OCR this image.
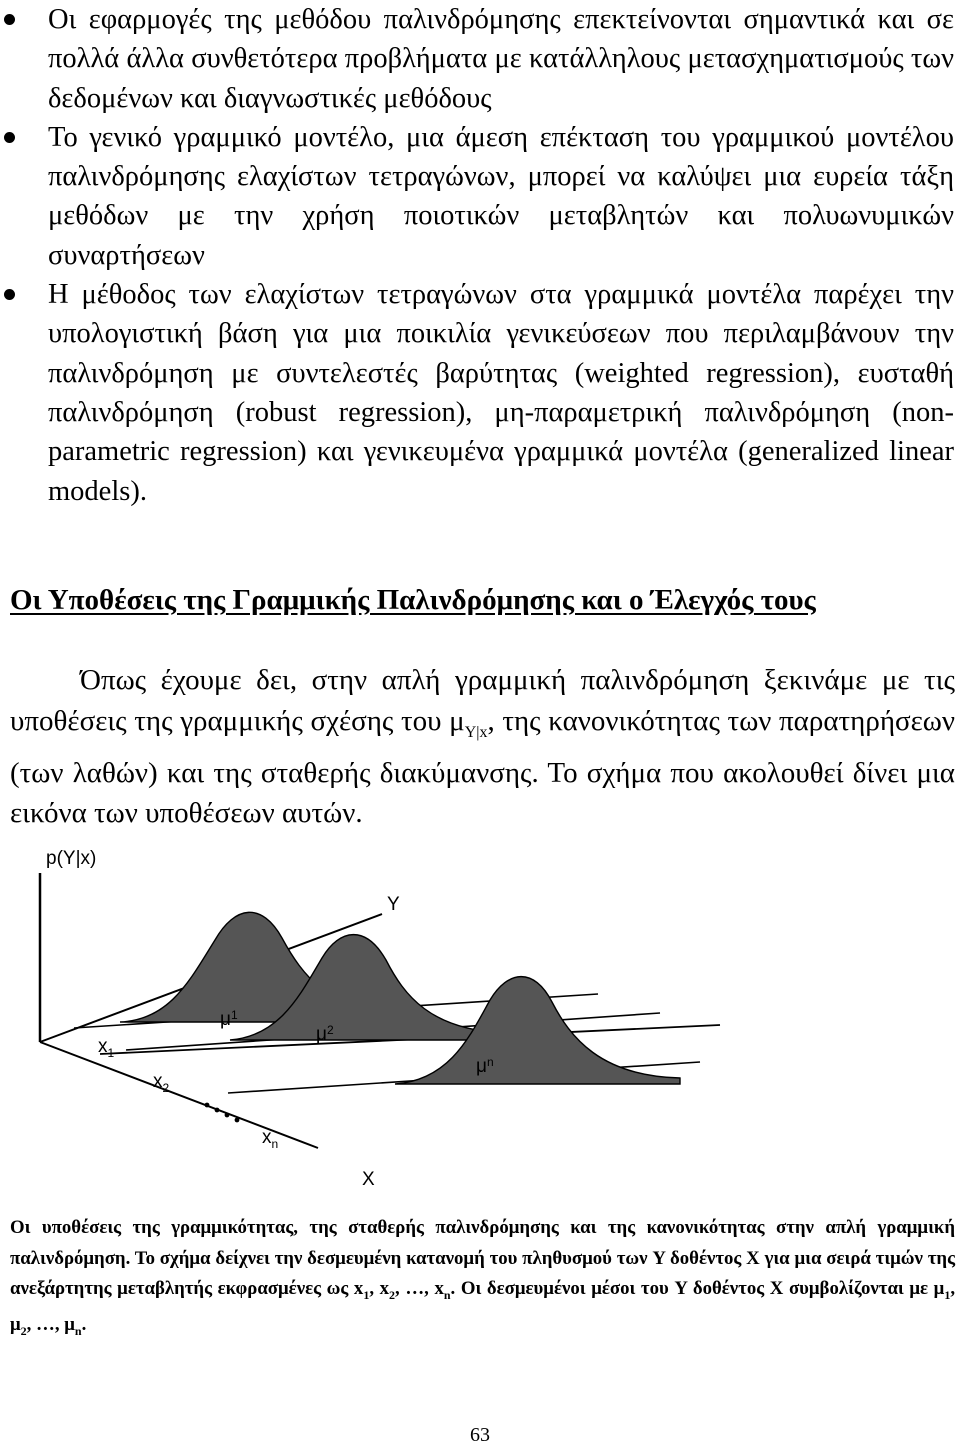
Οι εφαρμογές της μεθόδου παλινδρόμησης επεκτείνονται σημαντικά και σε πολλά άλλα συνθετότερα προβλήματα με κατάλληλους μετασχηματισμούς των δεδομένων και διαγνωστικές μεθόδους
Το γενικό γραμμικό μοντέλο, μια άμεση επέκταση του γραμμικού μοντέλου παλινδρόμησης ελαχίστων τετραγώνων, μπορεί να καλύψει μια ευρεία τάξη μεθόδων με την χρήση ποιοτικών μεταβλητών και πολυωνυμικών συναρτήσεων
Η μέθοδος των ελαχίστων τετραγώνων στα γραμμικά μοντέλα παρέχει την υπολογιστική βάση για μια ποικιλία γενικεύσεων που περιλαμβάνουν την παλινδρόμηση με συντελεστές βαρύτητας (weighted regression), ευσταθή παλινδρόμηση (robust regression), μη-παραμετρική παλινδρόμηση (non-parametric regression) και γενικευμένα γραμμικά μοντέλα (generalized linear models).
Οι Υποθέσεις της Γραμμικής Παλινδρόμησης και ο Έλεγχός τους

Όπως έχουμε δει, στην απλή γραμμική παλινδρόμηση ξεκινάμε με τις υποθέσεις της γραμμικής σχέσης του $\mu_{Y|x}$, της κανονικότητας των παρατηρήσεων (των λαθών) και της σταθερής διακύμανσης. Το σχήμα που ακολουθεί δίνει μια εικόνα των υποθέσεων αυτών.

p(Y|x)
Y
X
$x_1$
$x_2$
$x_n$
$\mu^1$
$\mu^2$
$\mu^n$

Οι υποθέσεις της γραμμικότητας, της σταθερής παλινδρόμησης και της κανονικότητας στην απλή γραμμική παλινδρόμηση. Το σχήμα δείχνει την δεσμευμένη κατανομή του πληθυσμού των Y δοθέντος X για μια σειρά τιμών της ανεξάρτητης μεταβλητής εκφρασμένες ως $x_1$, $x_2$, …, $x_n$. Οι δεσμευμένοι μέσοι του Y δοθέντος X συμβολίζονται με $\mu_1$, $\mu_2$, …, $\mu_n$.

63
